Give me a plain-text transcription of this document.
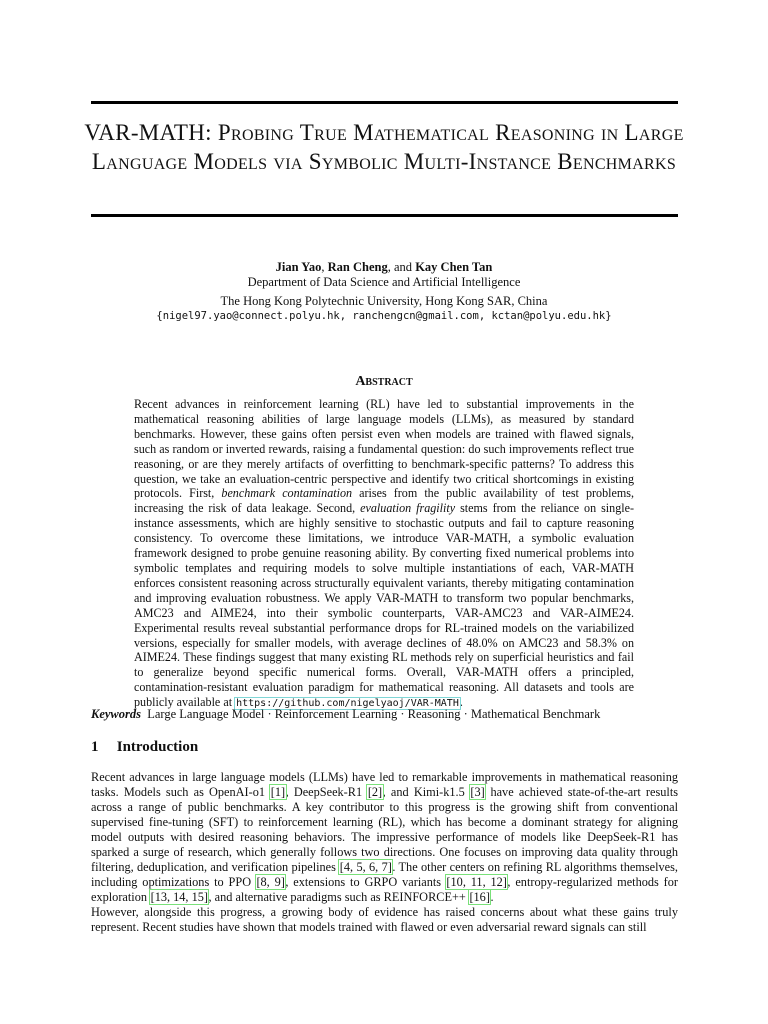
VAR-MATH: Probing True Mathematical Reasoning in Large Language Models via Symbolic Multi-Instance Benchmarks
Jian Yao, Ran Cheng, and Kay Chen Tan
Department of Data Science and Artificial Intelligence
The Hong Kong Polytechnic University, Hong Kong SAR, China
{nigel97.yao@connect.polyu.hk, ranchengcn@gmail.com, kctan@polyu.edu.hk}
Abstract
Recent advances in reinforcement learning (RL) have led to substantial improvements in the mathematical reasoning abilities of large language models (LLMs), as measured by standard benchmarks. However, these gains often persist even when models are trained with flawed signals, such as random or inverted rewards, raising a fundamental question: do such improvements reflect true reasoning, or are they merely artifacts of overfitting to benchmark-specific patterns? To address this question, we take an evaluation-centric perspective and identify two critical shortcomings in existing protocols. First, benchmark contamination arises from the public availability of test problems, increasing the risk of data leakage. Second, evaluation fragility stems from the reliance on single-instance assessments, which are highly sensitive to stochastic outputs and fail to capture reasoning consistency. To overcome these limitations, we introduce VAR-MATH, a symbolic evaluation framework designed to probe genuine reasoning ability. By converting fixed numerical problems into symbolic templates and requiring models to solve multiple instantiations of each, VAR-MATH enforces consistent reasoning across structurally equivalent variants, thereby mitigating contamination and improving evaluation robustness. We apply VAR-MATH to transform two popular benchmarks, AMC23 and AIME24, into their symbolic counterparts, VAR-AMC23 and VAR-AIME24. Experimental results reveal substantial performance drops for RL-trained models on the variabilized versions, especially for smaller models, with average declines of 48.0% on AMC23 and 58.3% on AIME24. These findings suggest that many existing RL methods rely on superficial heuristics and fail to generalize beyond specific numerical forms. Overall, VAR-MATH offers a principled, contamination-resistant evaluation paradigm for mathematical reasoning. All datasets and tools are publicly available at https://github.com/nigelyaoj/VAR-MATH.
Keywords Large Language Model · Reinforcement Learning · Reasoning · Mathematical Benchmark
1 Introduction
Recent advances in large language models (LLMs) have led to remarkable improvements in mathematical reasoning tasks. Models such as OpenAI-o1 [1], DeepSeek-R1 [2], and Kimi-k1.5 [3] have achieved state-of-the-art results across a range of public benchmarks. A key contributor to this progress is the growing shift from conventional supervised fine-tuning (SFT) to reinforcement learning (RL), which has become a dominant strategy for aligning model outputs with desired reasoning behaviors. The impressive performance of models like DeepSeek-R1 has sparked a surge of research, which generally follows two directions. One focuses on improving data quality through filtering, deduplication, and verification pipelines [4, 5, 6, 7]. The other centers on refining RL algorithms themselves, including optimizations to PPO [8, 9], extensions to GRPO variants [10, 11, 12], entropy-regularized methods for exploration [13, 14, 15], and alternative paradigms such as REINFORCE++ [16].
However, alongside this progress, a growing body of evidence has raised concerns about what these gains truly represent. Recent studies have shown that models trained with flawed or even adversarial reward signals can still
